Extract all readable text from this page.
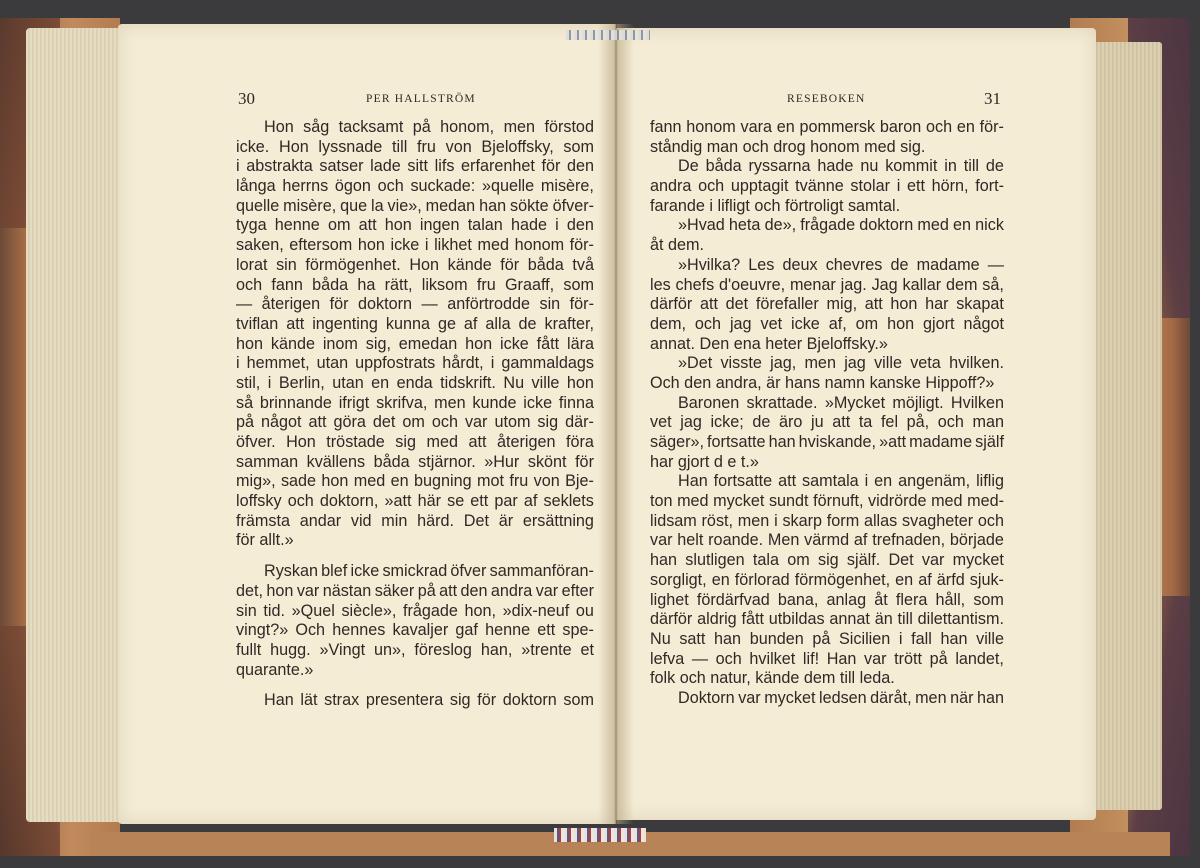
30	PER HALLSTRÖM	RESEBOKEN	31
Hon såg tacksamt på honom, men förstod
icke. Hon lyssnade till fru von Bjeloffsky, som
i abstrakta satser lade sitt lifs erfarenhet för den
långa herrns ögon och suckade: »quelle misère,
quelle misère, que la vie», medan han sökte öfver-
tyga henne om att hon ingen talan hade i den
saken, eftersom hon icke i likhet med honom för-
lorat sin förmögenhet. Hon kände för båda två
och fann båda ha rätt, liksom fru Graaff, som
— återigen för doktorn — anförtrodde sin för-
tviflan att ingenting kunna ge af alla de krafter,
hon kände inom sig, emedan hon icke fått lära
i hemmet, utan uppfostrats hårdt, i gammaldags
stil, i Berlin, utan en enda tidskrift. Nu ville hon
så brinnande ifrigt skrifva, men kunde icke finna
på något att göra det om och var utom sig där-
öfver. Hon tröstade sig med att återigen föra
samman kvällens båda stjärnor. »Hur skönt för
mig», sade hon med en bugning mot fru von Bje-
loffsky och doktorn, »att här se ett par af seklets
främsta andar vid min härd. Det är ersättning
för allt.»
Ryskan blef icke smickrad öfver sammanföran-
det, hon var nästan säker på att den andra var efter
sin tid. »Quel siècle», frågade hon, »dix-neuf ou
vingt?» Och hennes kavaljer gaf henne ett spe-
fullt hugg. »Vingt un», föreslog han, »trente et
quarante.»
Han lät strax presentera sig för doktorn som
fann honom vara en pommersk baron och en för-
ståndig man och drog honom med sig.
De båda ryssarna hade nu kommit in till de
andra och upptagit tvänne stolar i ett hörn, fort-
farande i lifligt och förtroligt samtal.
»Hvad heta de», frågade doktorn med en nick
åt dem.
»Hvilka? Les deux chevres de madame —
les chefs d'oeuvre, menar jag. Jag kallar dem så,
därför att det förefaller mig, att hon har skapat
dem, och jag vet icke af, om hon gjort något
annat. Den ena heter Bjeloffsky.»
»Det visste jag, men jag ville veta hvilken.
Och den andra, är hans namn kanske Hippoff?»
Baronen skrattade. »Mycket möjligt. Hvilken
vet jag icke; de äro ju att ta fel på, och man
säger», fortsatte han hviskande, »att madame själf
har gjort d e t.»
Han fortsatte att samtala i en angenäm, liflig
ton med mycket sundt förnuft, vidrörde med med-
lidsam röst, men i skarp form allas svagheter och
var helt roande. Men värmd af trefnaden, började
han slutligen tala om sig själf. Det var mycket
sorgligt, en förlorad förmögenhet, en af ärfd sjuk-
lighet fördärfvad bana, anlag åt flera håll, som
därför aldrig fått utbildas annat än till dilettantism.
Nu satt han bunden på Sicilien i fall han ville
lefva — och hvilket lif! Han var trött på landet,
folk och natur, kände dem till leda.
Doktorn var mycket ledsen däråt, men när han
